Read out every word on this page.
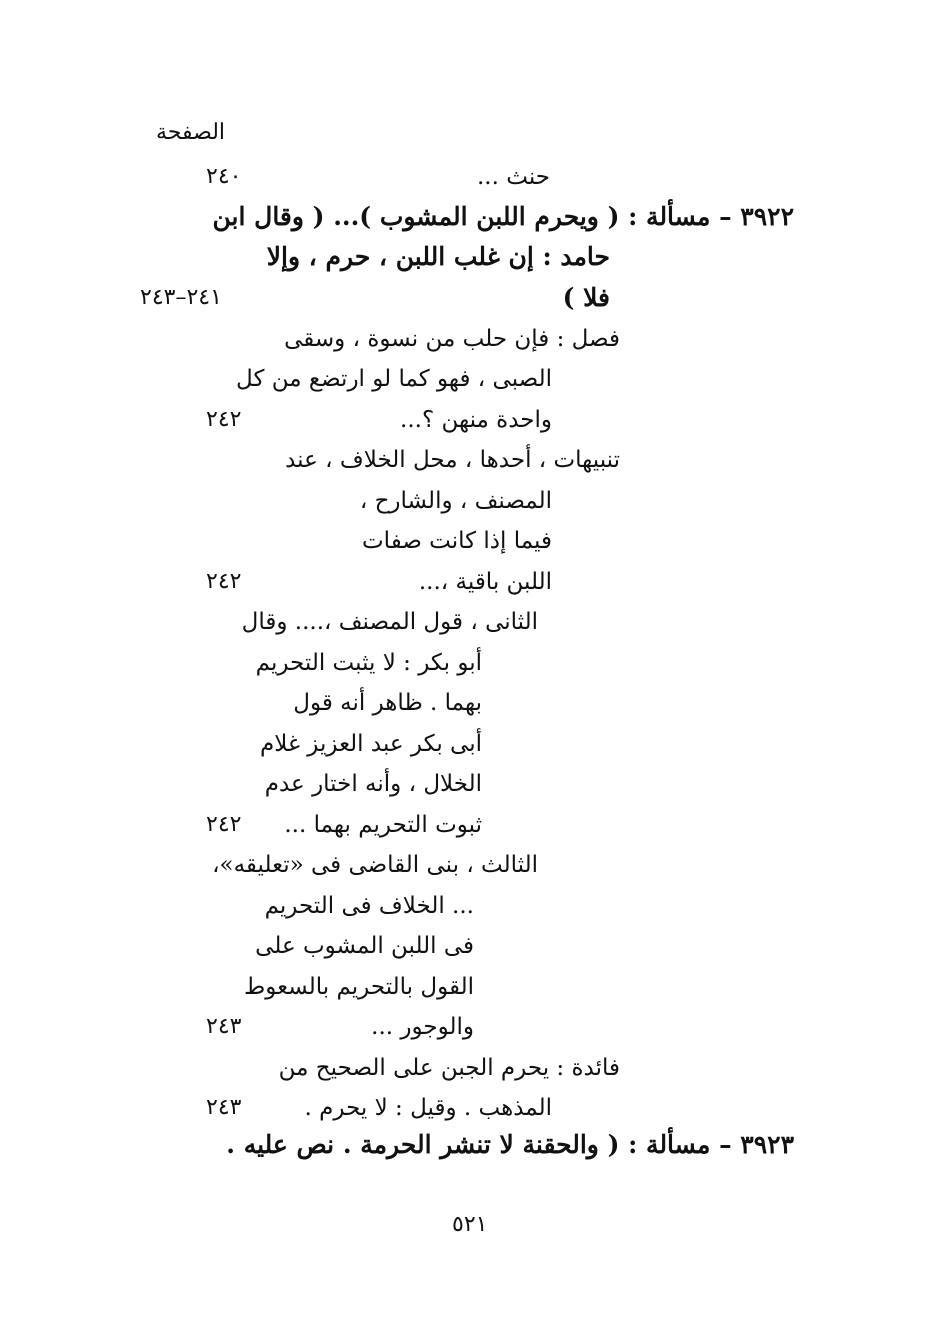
الصفحة
حنث ...
٢٤٠
٣٩٢٢ – مسألة : ( ويحرم اللبن المشوب )... ( وقال ابن
حامد : إن غلب اللبن ، حرم ، وإلا
فلا )
٢٤١–٢٤٣
فصل : فإن حلب من نسوة ، وسقى
الصبى ، فهو كما لو ارتضع من كل
واحدة منهن ؟...
٢٤٢
تنبيهات ، أحدها ، محل الخلاف ، عند
المصنف ، والشارح ،
فيما إذا كانت صفات
اللبن باقية ،...
٢٤٢
الثانى ، قول المصنف ،.... وقال
أبو بكر : لا يثبت التحريم
بهما . ظاهر أنه قول
أبى بكر عبد العزيز غلام
الخلال ، وأنه اختار عدم
ثبوت التحريم بهما ...
٢٤٢
الثالث ، بنى القاضى فى «تعليقه»،
... الخلاف فى التحريم
فى اللبن المشوب على
القول بالتحريم بالسعوط
والوجور ...
٢٤٣
فائدة : يحرم الجبن على الصحيح من
المذهب . وقيل : لا يحرم .
٢٤٣
٣٩٢٣ – مسألة : ( والحقنة لا تنشر الحرمة . نص عليه .
٥٢١
